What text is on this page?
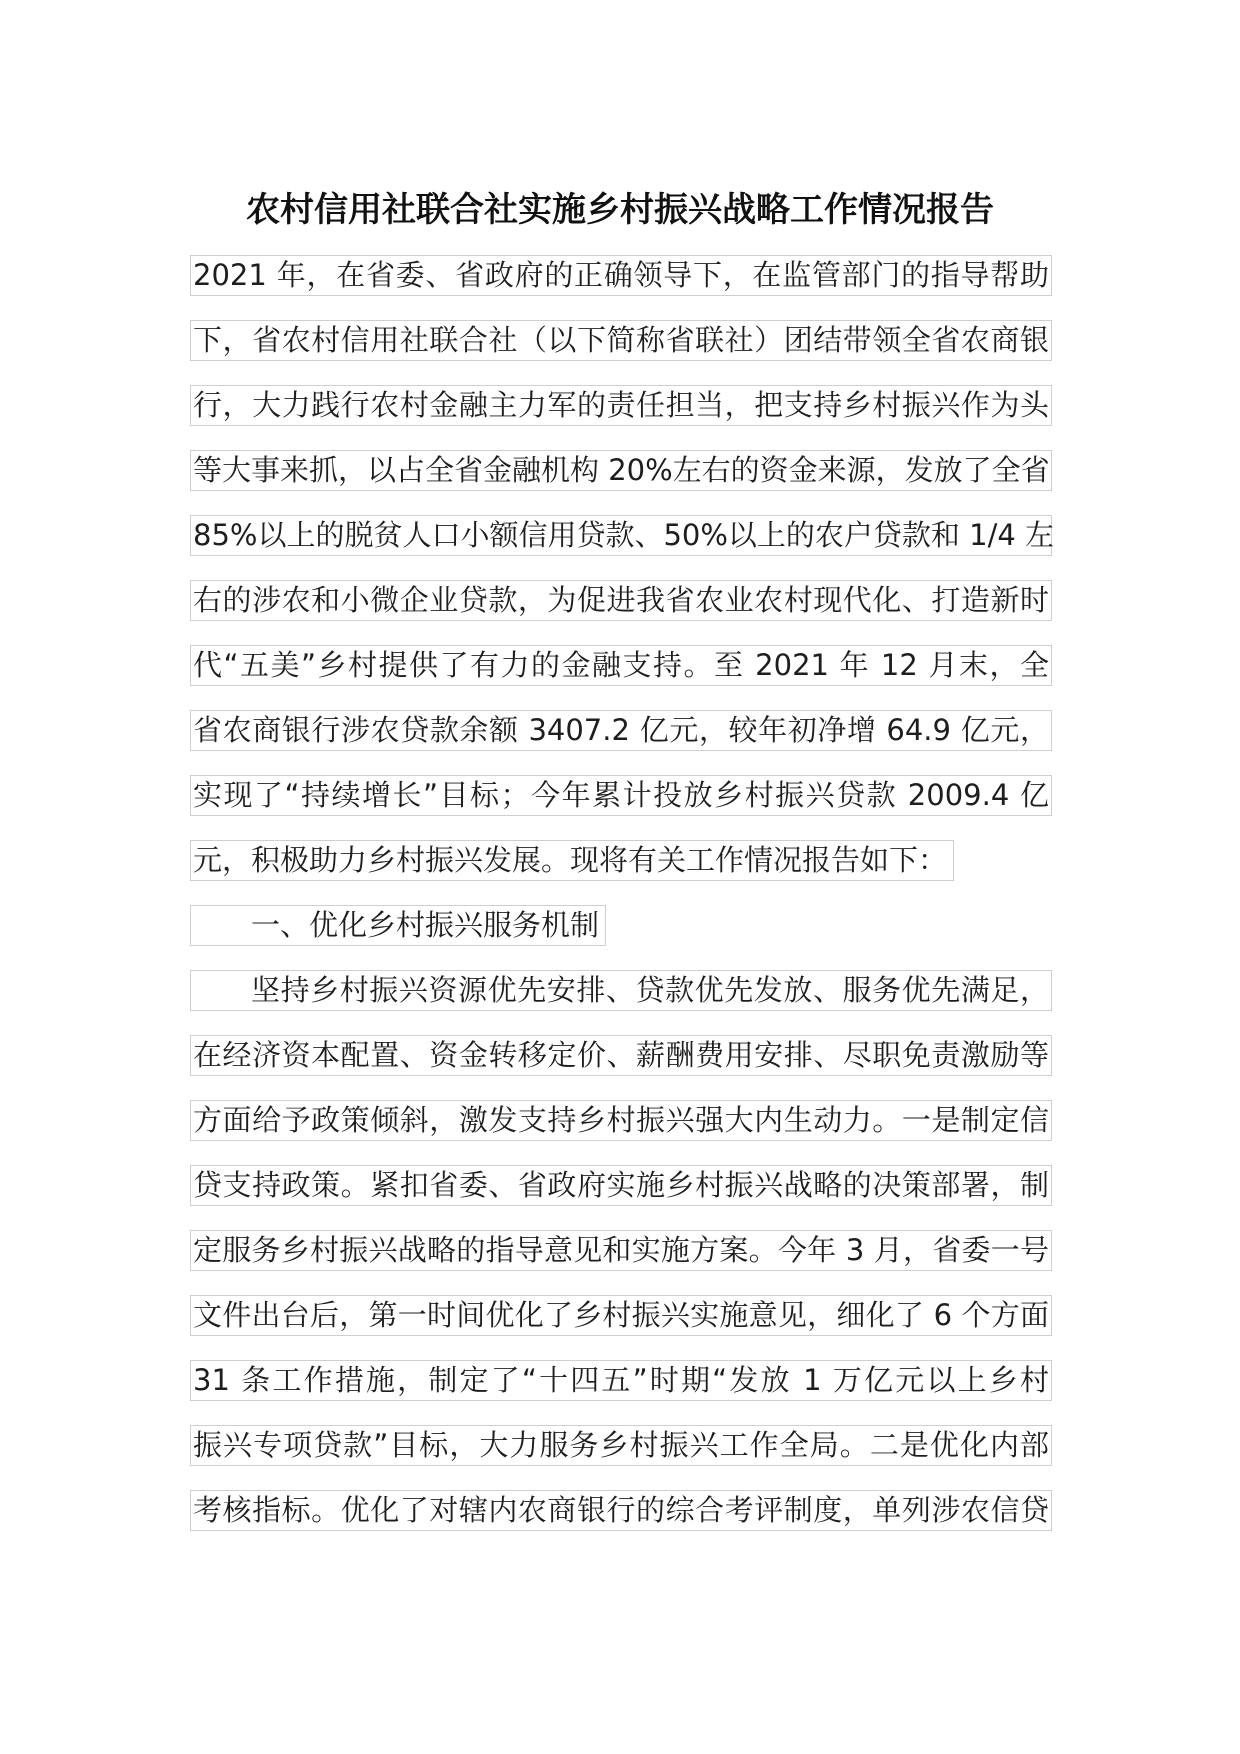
农村信用社联合社实施乡村振兴战略工作情况报告
2021 年，在省委、省政府的正确领导下，在监管部门的指导帮助
下，省农村信用社联合社（以下简称省联社）团结带领全省农商银
行，大力践行农村金融主力军的责任担当，把支持乡村振兴作为头
等大事来抓，以占全省金融机构 20%左右的资金来源，发放了全省
85%以上的脱贫人口小额信用贷款、50%以上的农户贷款和 1/4 左
右的涉农和小微企业贷款，为促进我省农业农村现代化、打造新时
代“五美”乡村提供了有力的金融支持。至 2021 年 12 月末，全
省农商银行涉农贷款余额 3407.2 亿元，较年初净增 64.9 亿元，
实现了“持续增长”目标；今年累计投放乡村振兴贷款 2009.4 亿
元，积极助力乡村振兴发展。现将有关工作情况报告如下：
一、优化乡村振兴服务机制
坚持乡村振兴资源优先安排、贷款优先发放、服务优先满足，
在经济资本配置、资金转移定价、薪酬费用安排、尽职免责激励等
方面给予政策倾斜，激发支持乡村振兴强大内生动力。一是制定信
贷支持政策。紧扣省委、省政府实施乡村振兴战略的决策部署，制
定服务乡村振兴战略的指导意见和实施方案。今年 3 月，省委一号
文件出台后，第一时间优化了乡村振兴实施意见，细化了 6 个方面
31 条工作措施，制定了“十四五”时期“发放 1 万亿元以上乡村
振兴专项贷款”目标，大力服务乡村振兴工作全局。二是优化内部
考核指标。优化了对辖内农商银行的综合考评制度，单列涉农信贷
